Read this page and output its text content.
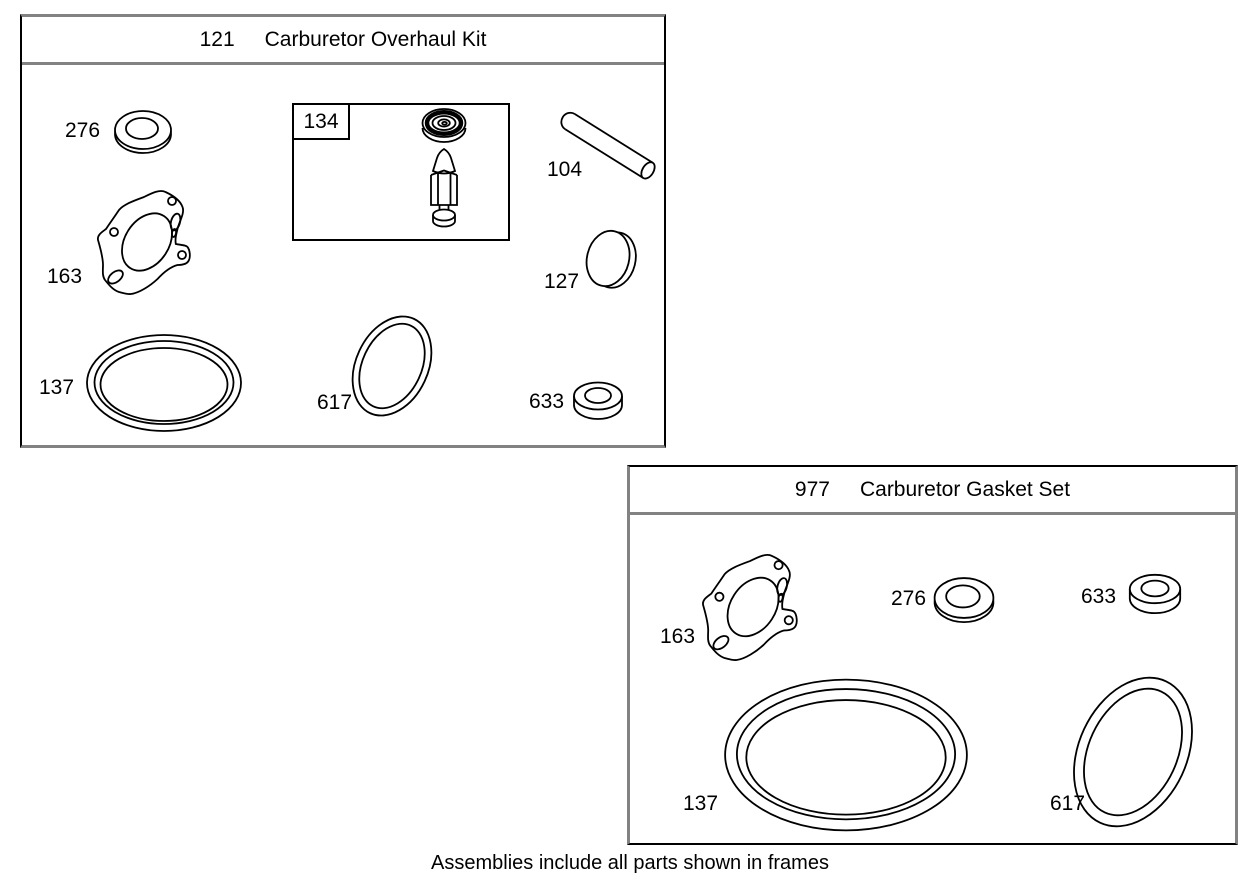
121 Carburetor Overhaul Kit
134
276
104
163	127
137
617	633
977 Carburetor Gasket Set
163
276	633
137	617
Assemblies include all parts shown in frames
